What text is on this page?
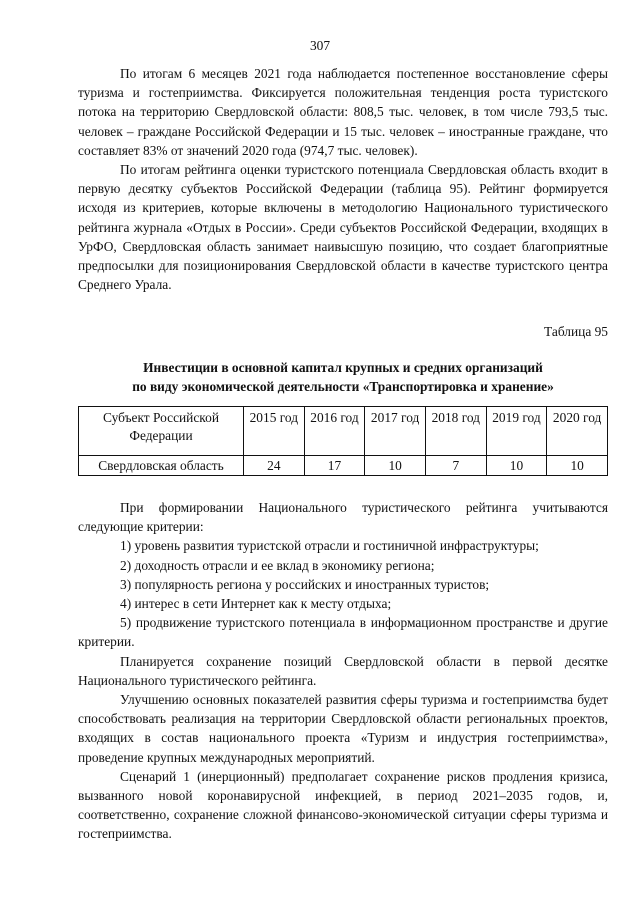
307

По итогам 6 месяцев 2021 года наблюдается постепенное восстановление сферы туризма и гостеприимства. Фиксируется положительная тенденция роста туристского потока на территорию Свердловской области: 808,5 тыс. человек, в том числе 793,5 тыс. человек – граждане Российской Федерации и 15 тыс. человек – иностранные граждане, что составляет 83% от значений 2020 года (974,7 тыс. человек).

По итогам рейтинга оценки туристского потенциала Свердловская область входит в первую десятку субъектов Российской Федерации (таблица 95). Рейтинг формируется исходя из критериев, которые включены в методологию Национального туристического рейтинга журнала «Отдых в России». Среди субъектов Российской Федерации, входящих в УрФО, Свердловская область занимает наивысшую позицию, что создает благоприятные предпосылки для позиционирования Свердловской области в качестве туристского центра Среднего Урала.

Таблица 95

Инвестиции в основной капитал крупных и средних организаций
по виду экономической деятельности «Транспортировка и хранение»
Субъект Российской Федерации	2015 год	2016 год	2017 год	2018 год	2019 год	2020 год
Свердловская область	24	17	10	7	10	10

При формировании Национального туристического рейтинга учитываются следующие критерии:

1) уровень развития туристской отрасли и гостиничной инфраструктуры;

2) доходность отрасли и ее вклад в экономику региона;

3) популярность региона у российских и иностранных туристов;

4) интерес в сети Интернет как к месту отдыха;

5) продвижение туристского потенциала в информационном пространстве и другие критерии.

Планируется сохранение позиций Свердловской области в первой десятке Национального туристического рейтинга.

Улучшению основных показателей развития сферы туризма и гостеприимства будет способствовать реализация на территории Свердловской области региональных проектов, входящих в состав национального проекта «Туризм и индустрия гостеприимства», проведение крупных международных мероприятий.

Сценарий 1 (инерционный) предполагает сохранение рисков продления кризиса, вызванного новой коронавирусной инфекцией, в период 2021–2035 годов, и, соответственно, сохранение сложной финансово-экономической ситуации сферы туризма и гостеприимства.
